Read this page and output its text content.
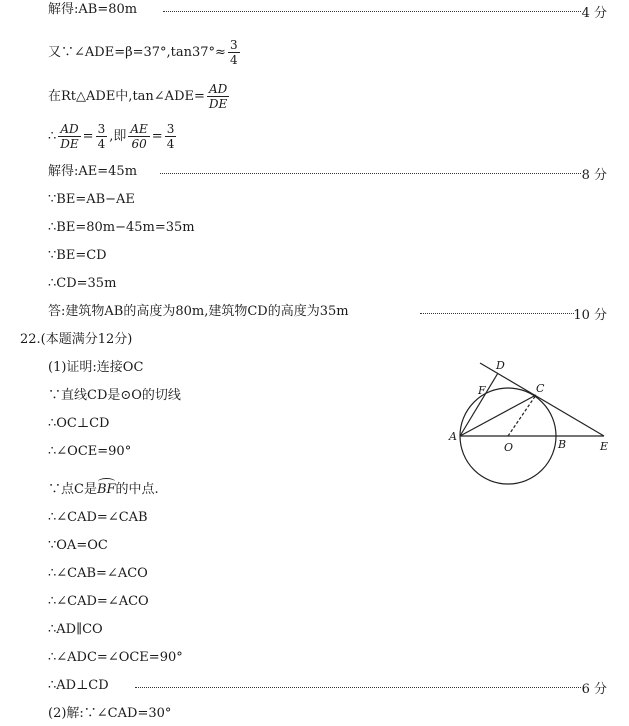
解得:AB=80m	4 分
又∵∠ADE=β=37°,tan37°≈ $\frac{3}{4}$
在Rt△ADE中,tan∠ADE= $\frac{AD}{DE}$
∴ $\frac{AD}{DE} = \frac{3}{4}$ ,即 $\frac{AE}{60} = \frac{3}{4}$
解得:AE=45m	8 分
∵BE=AB−AE
∴BE=80m−45m=35m
∵BE=CD
∴CD=35m
答:建筑物AB的高度为80m,建筑物CD的高度为35m	10 分
22.(本题满分12分)
(1)证明:连接OC
∵直线CD是⊙O的切线
∴OC⊥CD
∴∠OCE=90°
∵点C是BF的中点.
∴∠CAD=∠CAB
∵OA=OC
∴∠CAB=∠ACO
∴∠CAD=∠ACO
∴AD∥CO
∴∠ADC=∠OCE=90°
∴AD⊥CD	6 分
(2)解:∵∠CAD=30°
A
O	B	E
C
D
F
